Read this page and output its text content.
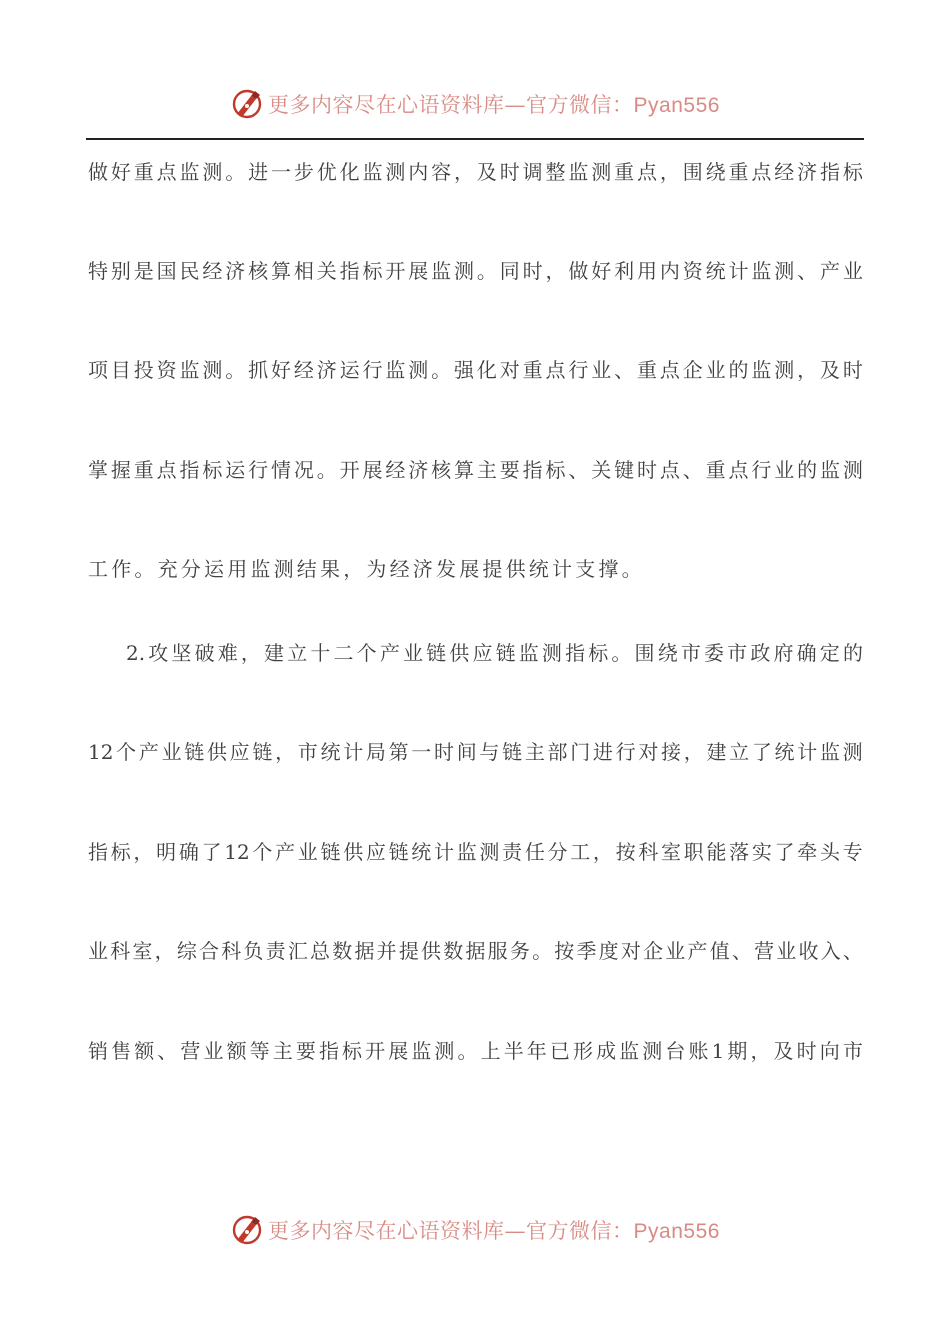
更多内容尽在心语资料库—官方微信：Pyan556
做 好 重 点 监 测 。 进 一 步 优 化 监 测 内 容 ， 及 时 调 整 监 测 重 点 ， 围 绕 重 点 经 济 指 标
特 别 是 国 民 经 济 核 算 相 关 指 标 开 展 监 测 。 同 时 ， 做 好 利 用 内 资 统 计 监 测 、 产 业
项 目 投 资 监 测 。 抓 好 经 济 运 行 监 测 。 强 化 对 重 点 行 业 、 重 点 企 业 的 监 测 ， 及 时
掌 握 重 点 指 标 运 行 情 况 。 开 展 经 济 核 算 主 要 指 标 、 关 键 时 点 、 重 点 行 业 的 监 测
工作。充分运用监测结果，为经济发展提供统计支撑。
2. 攻 坚 破 难 ， 建 立 十 二 个 产 业 链 供 应 链 监 测 指 标 。 围 绕 市 委 市 政 府 确 定 的
12 个 产 业 链 供 应 链 ， 市 统 计 局 第 一 时 间 与 链 主 部 门 进 行 对 接 ， 建 立 了 统 计 监 测
指 标 ， 明 确 了 12 个 产 业 链 供 应 链 统 计 监 测 责 任 分 工 ， 按 科 室 职 能 落 实 了 牵 头 专
业 科 室 ， 综 合 科 负 责 汇 总 数 据 并 提 供 数 据 服 务 。 按 季 度 对 企 业 产 值 、 营 业 收 入 、
销 售 额 、 营 业 额 等 主 要 指 标 开 展 监 测 。 上 半 年 已 形 成 监 测 台 账 1 期 ， 及 时 向 市
更多内容尽在心语资料库—官方微信：Pyan556
